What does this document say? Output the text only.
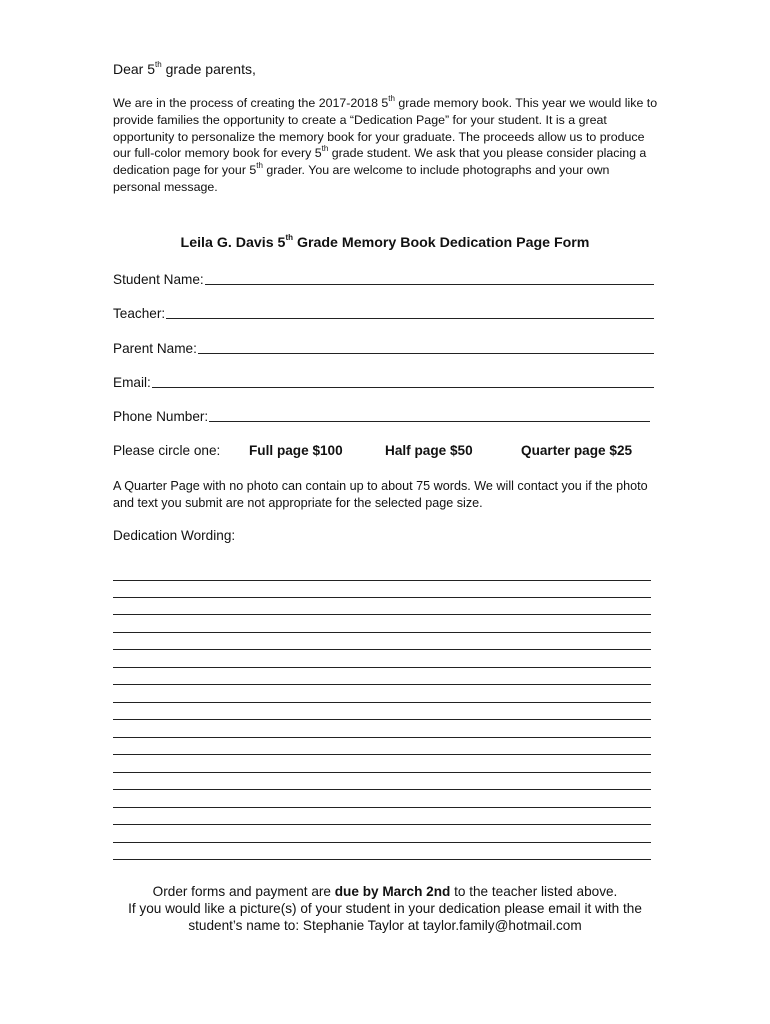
Dear 5th grade parents,

We are in the process of creating the 2017-2018 5th grade memory book. This year we would like to provide families the opportunity to create a “Dedication Page” for your student. It is a great opportunity to personalize the memory book for your graduate. The proceeds allow us to produce our full-color memory book for every 5th grade student. We ask that you please consider placing a dedication page for your 5th grader. You are welcome to include photographs and your own personal message.

Leila G. Davis 5th Grade Memory Book Dedication Page Form
Student Name:
Teacher:
Parent Name:
Email:
Phone Number:
Please circle one: Full page $100	Half page $50	Quarter page $25

A Quarter Page with no photo can contain up to about 75 words. We will contact you if the photo and text you submit are not appropriate for the selected page size.

Dedication Wording:

Order forms and payment are due by March 2nd to the teacher listed above.
If you would like a picture(s) of your student in your dedication please email it with the
student’s name to: Stephanie Taylor at taylor.family@hotmail.com
